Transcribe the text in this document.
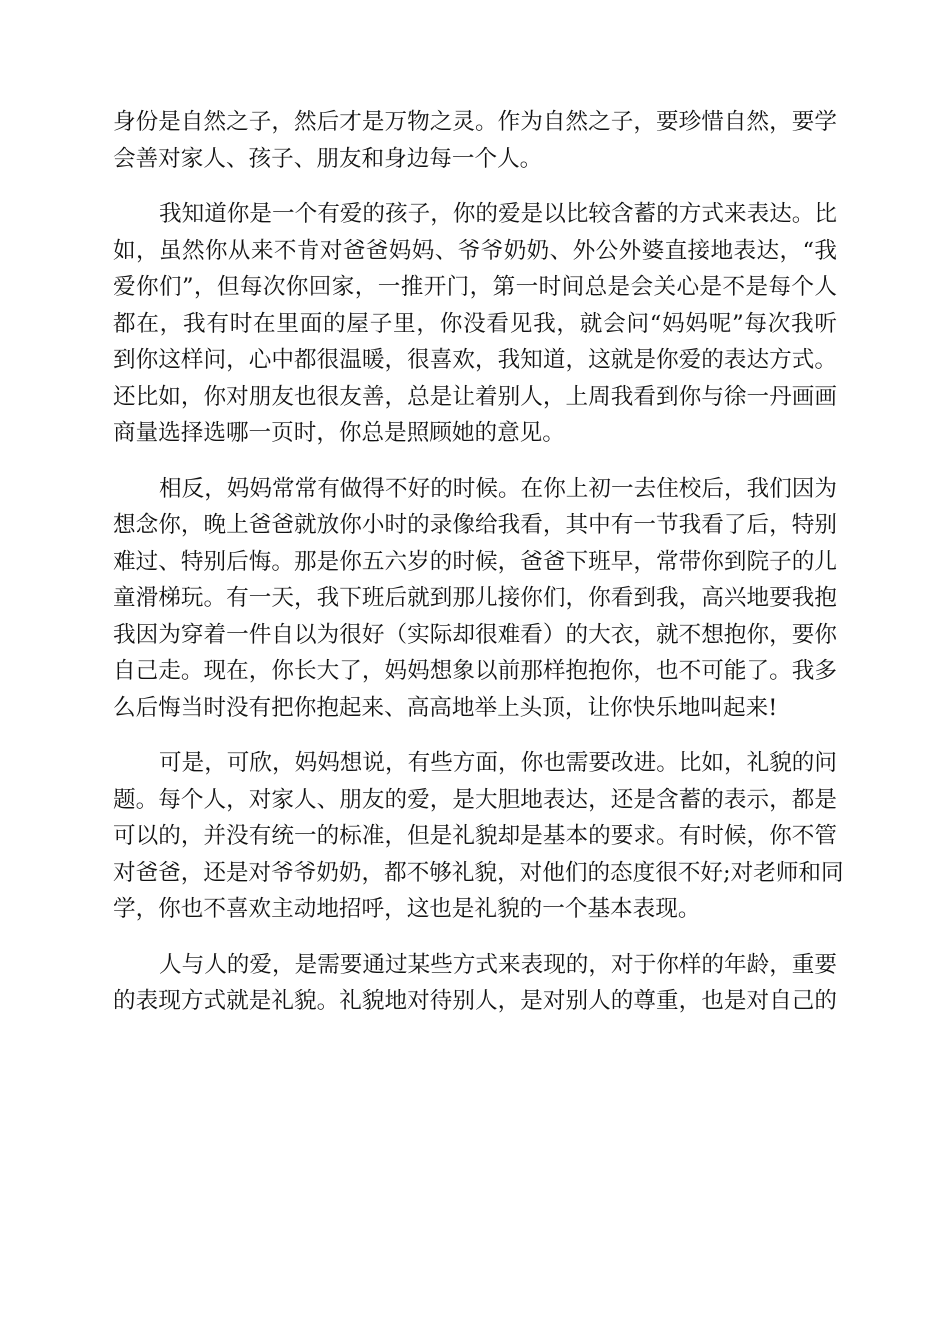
身份是自然之子，然后才是万物之灵。作为自然之子，要珍惜自然，要学
会善对家人、孩子、朋友和身边每一个人。
我知道你是一个有爱的孩子，你的爱是以比较含蓄的方式来表达。比
如，虽然你从来不肯对爸爸妈妈、爷爷奶奶、外公外婆直接地表达，“我
爱你们”，但每次你回家，一推开门，第一时间总是会关心是不是每个人
都在，我有时在里面的屋子里，你没看见我，就会问“妈妈呢”每次我听
到你这样问，心中都很温暖，很喜欢，我知道，这就是你爱的表达方式。
还比如，你对朋友也很友善，总是让着别人，上周我看到你与徐一丹画画
商量选择选哪一页时，你总是照顾她的意见。
相反，妈妈常常有做得不好的时候。在你上初一去住校后，我们因为
想念你，晚上爸爸就放你小时的录像给我看，其中有一节我看了后，特别
难过、特别后悔。那是你五六岁的时候，爸爸下班早，常带你到院子的儿
童滑梯玩。有一天，我下班后就到那儿接你们，你看到我，高兴地要我抱
我因为穿着一件自以为很好（实际却很难看）的大衣，就不想抱你，要你
自己走。现在，你长大了，妈妈想象以前那样抱抱你，也不可能了。我多
么后悔当时没有把你抱起来、高高地举上头顶，让你快乐地叫起来!
可是，可欣，妈妈想说，有些方面，你也需要改进。比如，礼貌的问
题。每个人，对家人、朋友的爱，是大胆地表达，还是含蓄的表示，都是
可以的，并没有统一的标准，但是礼貌却是基本的要求。有时候，你不管
对爸爸，还是对爷爷奶奶，都不够礼貌，对他们的态度很不好;对老师和同
学，你也不喜欢主动地招呼，这也是礼貌的一个基本表现。
人与人的爱，是需要通过某些方式来表现的，对于你样的年龄，重要
的表现方式就是礼貌。礼貌地对待别人，是对别人的尊重，也是对自己的
